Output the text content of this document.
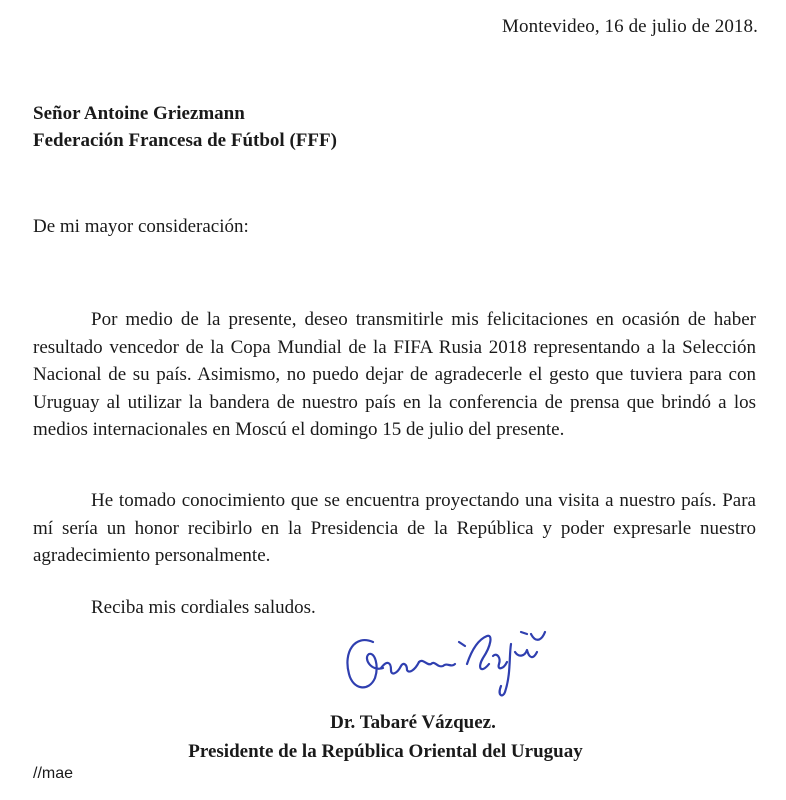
Montevideo, 16 de julio de 2018.
Señor Antoine Griezmann
Federación Francesa de Fútbol (FFF)
De mi mayor consideración:

Por medio de la presente, deseo transmitirle mis felicitaciones en ocasión de haber resultado vencedor de la Copa Mundial de la FIFA Rusia 2018 representando a la Selección Nacional de su país. Asimismo, no puedo dejar de agradecerle el gesto que tuviera para con Uruguay al utilizar la bandera de nuestro país en la conferencia de prensa que brindó a los medios internacionales en Moscú el domingo 15 de julio del presente.

He tomado conocimiento que se encuentra proyectando una visita a nuestro país. Para mí sería un honor recibirlo en la Presidencia de la República y poder expresarle nuestro agradecimiento personalmente.

Reciba mis cordiales saludos.
Dr. Tabaré Vázquez.
Presidente de la República Oriental del Uruguay
//mae
